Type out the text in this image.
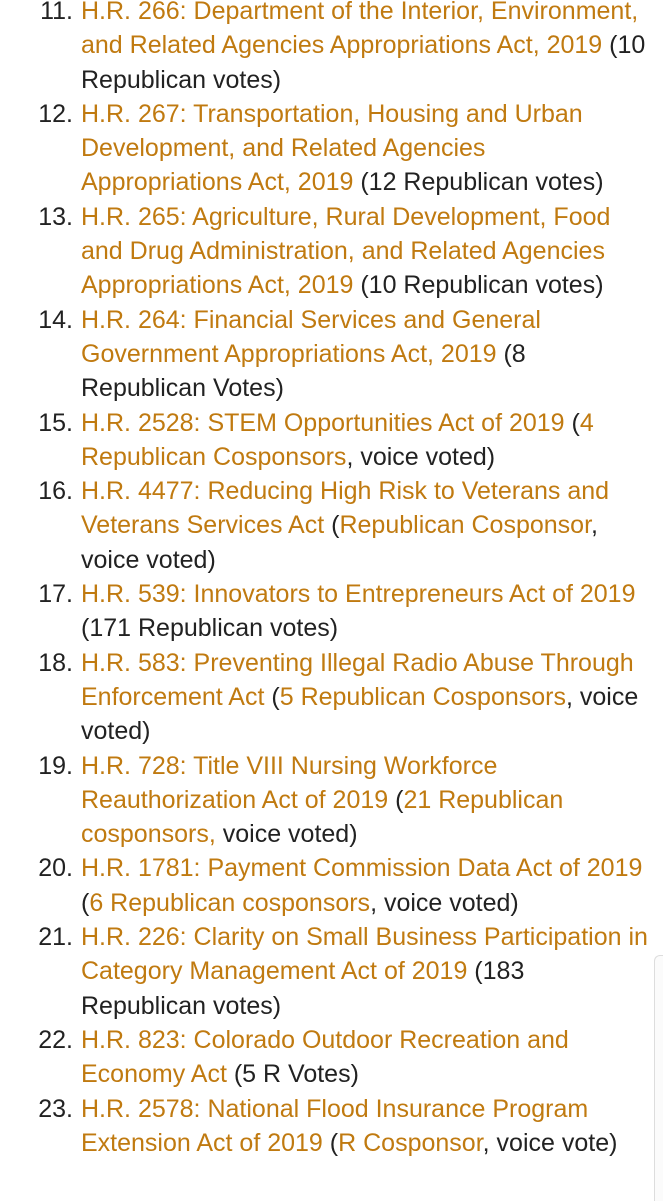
11. H.R. 266: Department of the Interior, Environment, and Related Agencies Appropriations Act, 2019 (10 Republican votes)
12. H.R. 267: Transportation, Housing and Urban Development, and Related Agencies Appropriations Act, 2019 (12 Republican votes)
13. H.R. 265: Agriculture, Rural Development, Food and Drug Administration, and Related Agencies Appropriations Act, 2019 (10 Republican votes)
14. H.R. 264: Financial Services and General Government Appropriations Act, 2019 (8 Republican Votes)
15. H.R. 2528: STEM Opportunities Act of 2019 (4 Republican Cosponsors, voice voted)
16. H.R. 4477: Reducing High Risk to Veterans and Veterans Services Act (Republican Cosponsor, voice voted)
17. H.R. 539: Innovators to Entrepreneurs Act of 2019 (171 Republican votes)
18. H.R. 583: Preventing Illegal Radio Abuse Through Enforcement Act (5 Republican Cosponsors, voice voted)
19. H.R. 728: Title VIII Nursing Workforce Reauthorization Act of 2019 (21 Republican cosponsors, voice voted)
20. H.R. 1781: Payment Commission Data Act of 2019 (6 Republican cosponsors, voice voted)
21. H.R. 226: Clarity on Small Business Participation in Category Management Act of 2019 (183 Republican votes)
22. H.R. 823: Colorado Outdoor Recreation and Economy Act (5 R Votes)
23. H.R. 2578: National Flood Insurance Program Extension Act of 2019 (R Cosponsor, voice vote)
